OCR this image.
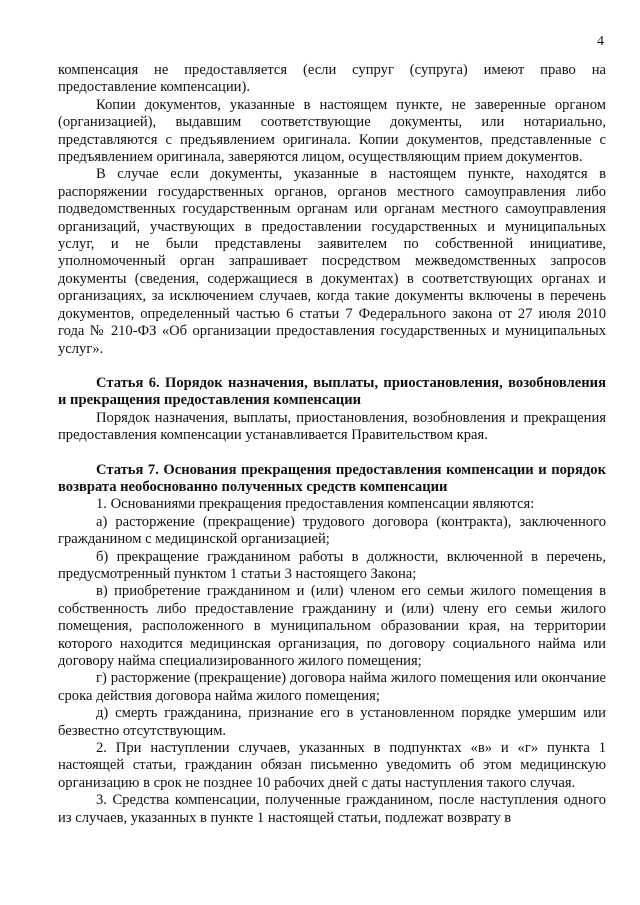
4

компенсация не предоставляется (если супруг (супруга) имеют право на предоставление компенсации).

Копии документов, указанные в настоящем пункте, не заверенные органом (организацией), выдавшим соответствующие документы, или нотариально, представляются с предъявлением оригинала. Копии документов, представленные с предъявлением оригинала, заверяются лицом, осуществляющим прием документов.

В случае если документы, указанные в настоящем пункте, находятся в распоряжении государственных органов, органов местного самоуправления либо подведомственных государственным органам или органам местного самоуправления организаций, участвующих в предоставлении государственных и муниципальных услуг, и не были представлены заявителем по собственной инициативе, уполномоченный орган запрашивает посредством межведомственных запросов документы (сведения, содержащиеся в документах) в соответствующих органах и организациях, за исключением случаев, когда такие документы включены в перечень документов, определенный частью 6 статьи 7 Федерального закона от 27 июля 2010 года № 210-ФЗ «Об организации предоставления государственных и муниципальных услуг».

Статья 6. Порядок назначения, выплаты, приостановления, возобновления и прекращения предоставления компенсации

Порядок назначения, выплаты, приостановления, возобновления и прекращения предоставления компенсации устанавливается Правительством края.

Статья 7. Основания прекращения предоставления компенсации и порядок возврата необоснованно полученных средств компенсации

1. Основаниями прекращения предоставления компенсации являются:

а) расторжение (прекращение) трудового договора (контракта), заключенного гражданином с медицинской организацией;

б) прекращение гражданином работы в должности, включенной в перечень, предусмотренный пунктом 1 статьи 3 настоящего Закона;

в) приобретение гражданином и (или) членом его семьи жилого помещения в собственность либо предоставление гражданину и (или) члену его семьи жилого помещения, расположенного в муниципальном образовании края, на территории которого находится медицинская организация, по договору социального найма или договору найма специализированного жилого помещения;

г) расторжение (прекращение) договора найма жилого помещения или окончание срока действия договора найма жилого помещения;

д) смерть гражданина, признание его в установленном порядке умершим или безвестно отсутствующим.

2. При наступлении случаев, указанных в подпунктах «в» и «г» пункта 1 настоящей статьи, гражданин обязан письменно уведомить об этом медицинскую организацию в срок не позднее 10 рабочих дней с даты наступления такого случая.

3. Средства компенсации, полученные гражданином, после наступления одного из случаев, указанных в пункте 1 настоящей статьи, подлежат возврату в
